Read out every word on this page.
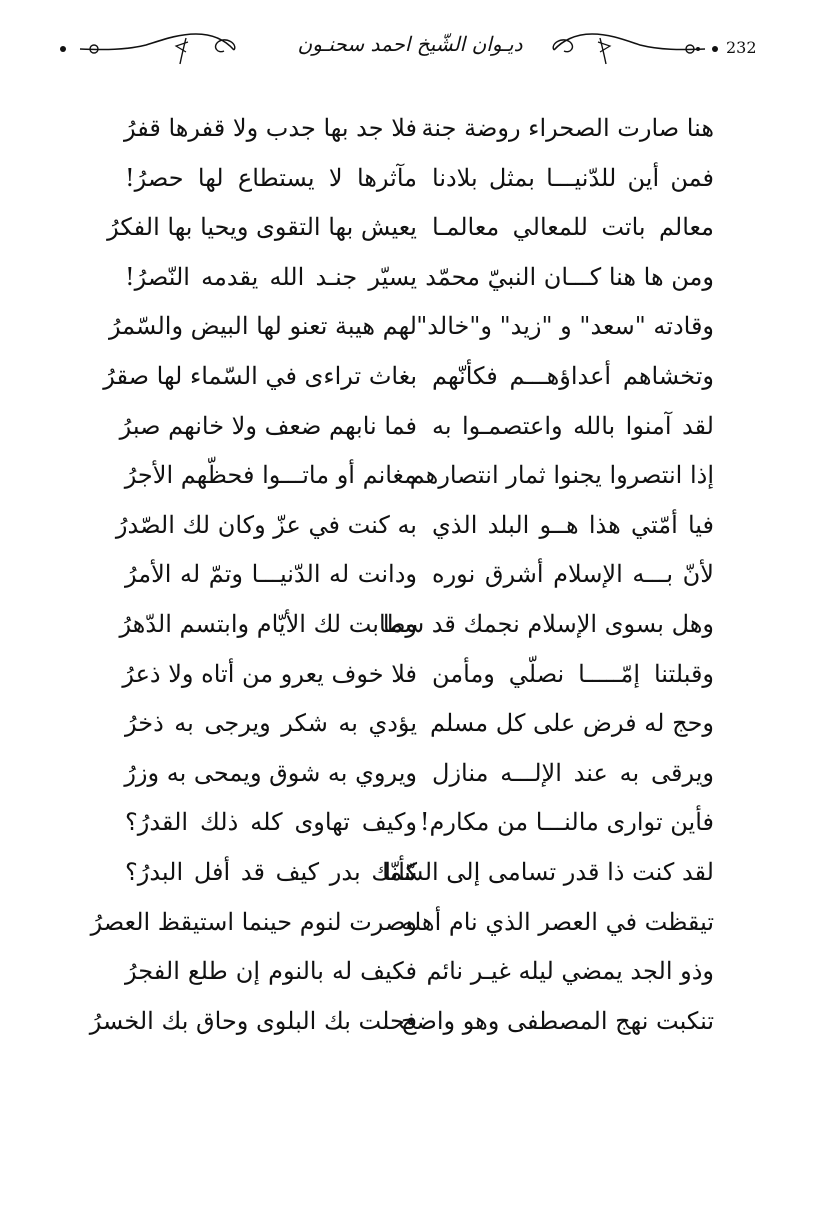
232
ديـوان الشّيخ احمد سحنـون
هنا صارت الصحراء روضة جنة
فلا جد بها جدب ولا قفرها قفرُ
فمن أين للدّنيـــا بمثل بلادنا
مآثرها لا يستطاع لها حصرُ!
معالم باتت للمعالي معالمـا
يعيش بها التقوى ويحيا بها الفكرُ
ومن ها هنا كـــان النبيّ محمّد
يسيّر جنـد الله يقدمه النّصرُ!
وقادته "سعد" و "زيد" و"خالد"
لهم هيبة تعنو لها البيض والسّمرُ
وتخشاهم أعداؤهـــم فكأنّهم
بغاث تراءى في السّماء لها صقرُ
لقد آمنوا بالله واعتصمـوا به
فما نابهم ضعف ولا خانهم صبرُ
إذا انتصروا يجنوا ثمار انتصارهم
مغانم أو ماتـــوا فحظّهم الأجرُ
فيا أمّتي هذا هــو البلد الذي
به كنت في عزّ وكان لك الصّدرُ
لأنّ بـــه الإسلام أشرق نوره
ودانت له الدّنيـــا وتمّ له الأمرُ
وهل بسوى الإسلام نجمك قد سما
وطابت لك الأيّام وابتسم الدّهرُ
وقبلتنا إمّـــــا نصلّي ومأمن
فلا خوف يعرو من أتاه ولا ذعرُ
وحج له فرض على كل مسلم
يؤدي به شكر ويرجى به ذخرُ
ويرقى به عند الإلـــه منازل
ويروي به شوق ويمحى به وزرُ
فأين توارى مالنـــا من مكارم!
وكيف تهاوى كله ذلك القدرُ؟
لقد كنت ذا قدر تسامى إلى السّما
كأنّك بدر كيف قد أفل البدرُ؟
تيقظت في العصر الذي نام أهله
وصرت لنوم حينما استيقظ العصرُ
وذو الجد يمضي ليله غيـر نائم
فكيف له بالنوم إن طلع الفجرُ
تنكبت نهج المصطفى وهو واضح
فحلت بك البلوى وحاق بك الخسرُ
